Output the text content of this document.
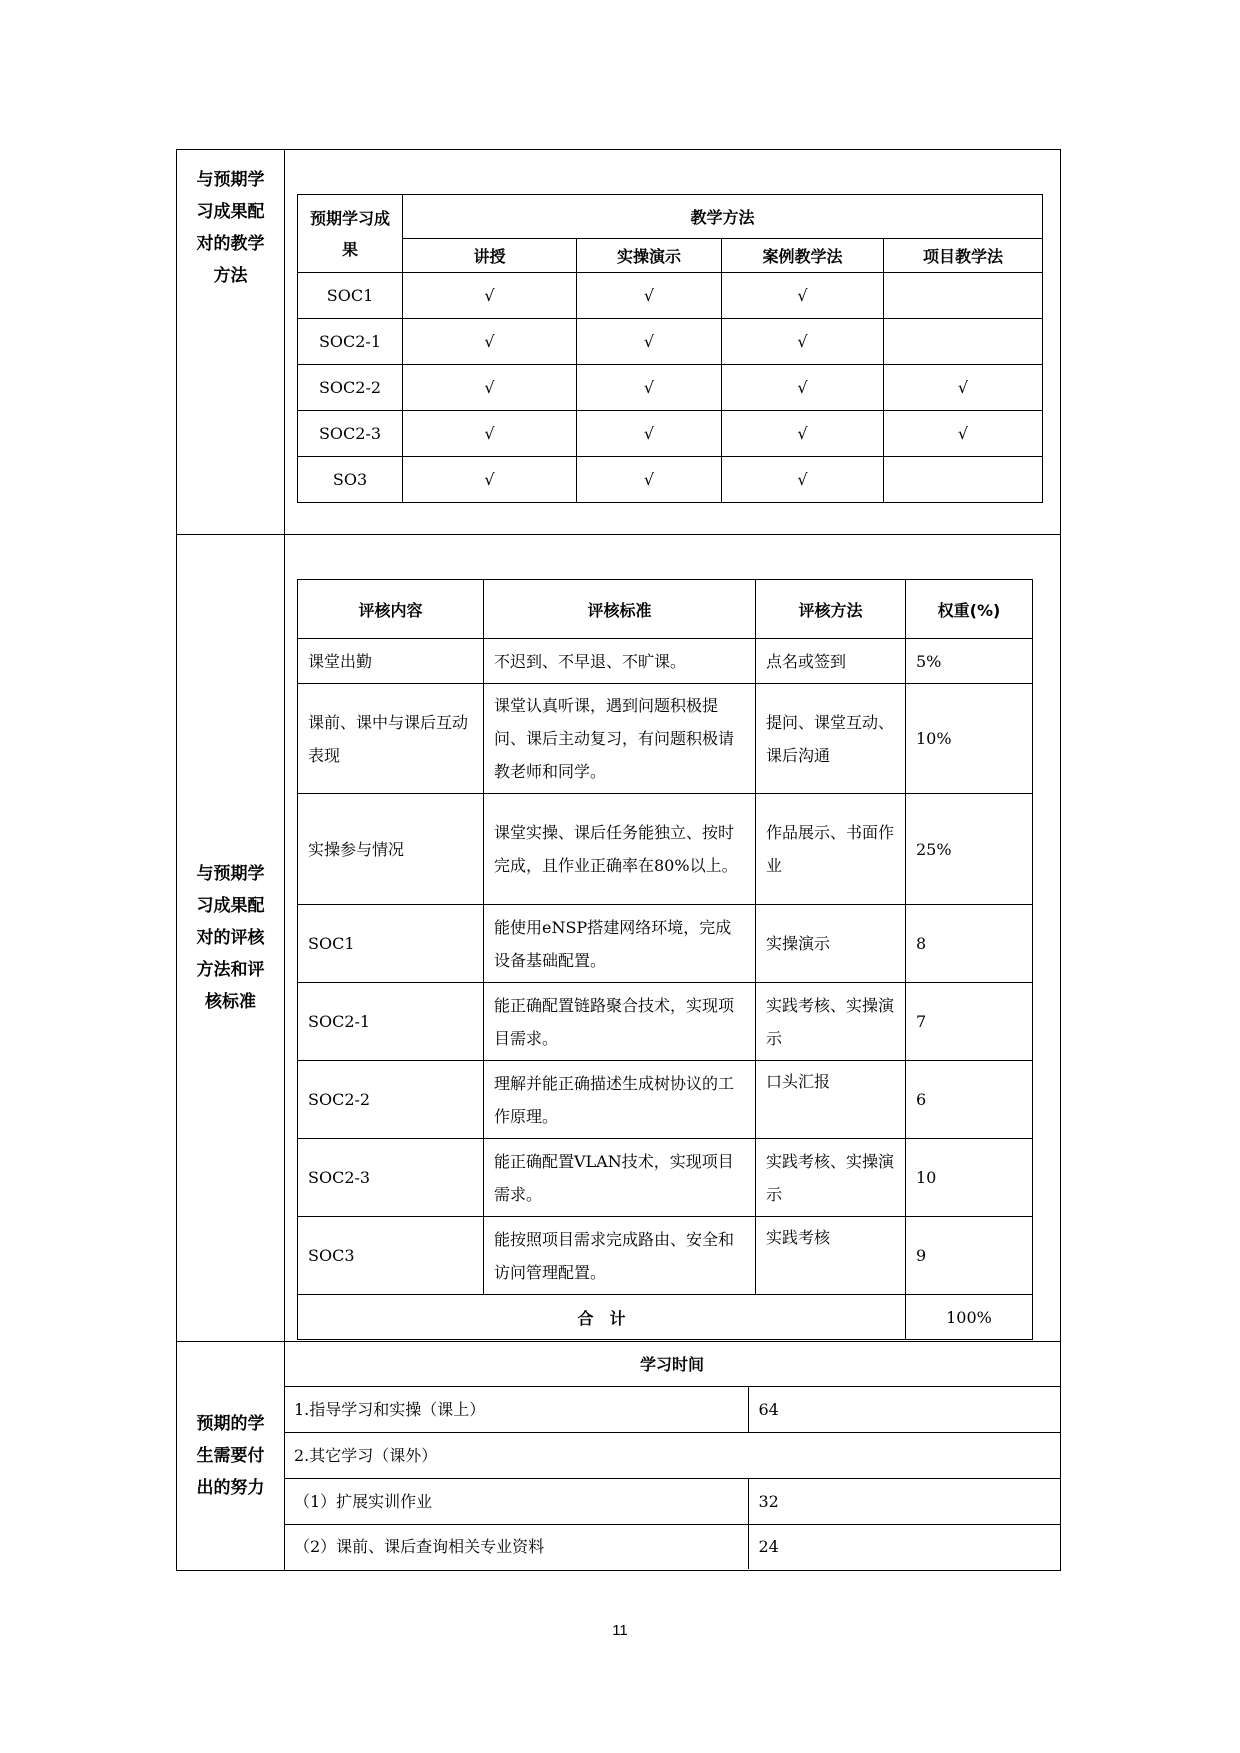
与预期学习成果配对的教学方法

预期学习成果
	教学方法
讲授	实操演示	案例教学法	项目教学法
SOC1	√	√	√	
SOC2-1	√	√	√	
SOC2-2	√	√	√	√
SOC2-3	√	√	√	√
SO3	√	√	√	

与预期学习成果配对的评核方法和评核标准

评核内容	评核标准	评核方法	权重(%)
课堂出勤	不迟到、不早退、不旷课。	点名或签到	5%
课前、课中与课后互动表现	课堂认真听课，遇到问题积极提问、课后主动复习，有问题积极请教老师和同学。	提问、课堂互动、课后沟通	10%
实操参与情况	课堂实操、课后任务能独立、按时完成，且作业正确率在80%以上。	作品展示、书面作业	25%
SOC1	能使用eNSP搭建网络环境，完成设备基础配置。	实操演示	8
SOC2-1	能正确配置链路聚合技术，实现项目需求。	实践考核、实操演示	7
SOC2-2	理解并能正确描述生成树协议的工作原理。	口头汇报	6
SOC2-3	能正确配置VLAN技术，实现项目需求。	实践考核、实操演示	10
SOC3	能按照项目需求完成路由、安全和访问管理配置。	实践考核	9
合　计	100%

预期的学生需要付出的努力

学习时间
1.指导学习和实操（课上）	64
2.其它学习（课外）
（1）扩展实训作业	32
（2）课前、课后查询相关专业资料	24
11
